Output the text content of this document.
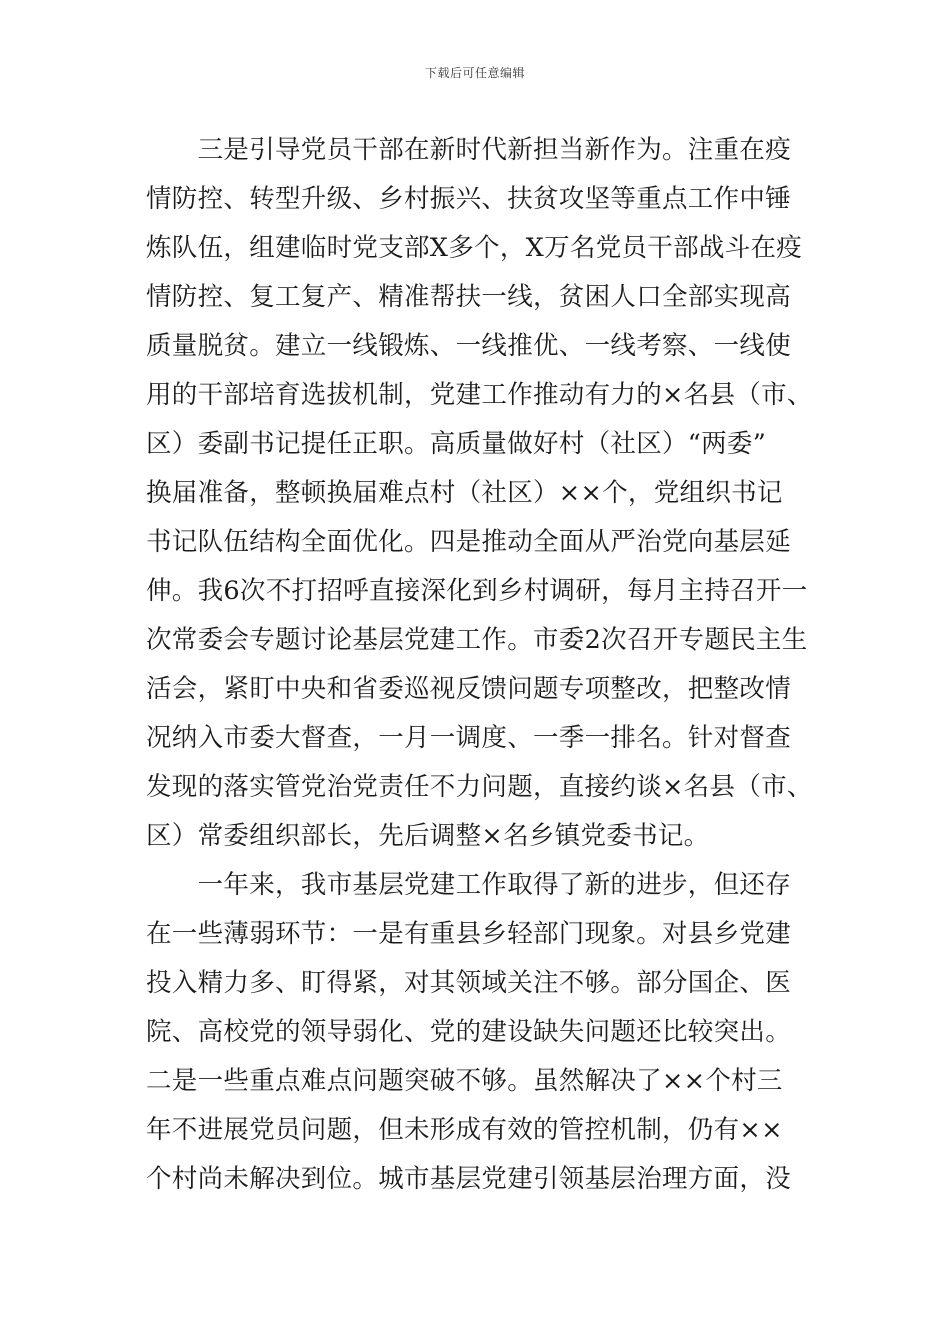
下载后可任意编辑
　　三是引导党员干部在新时代新担当新作为。注重在疫
情防控、转型升级、乡村振兴、扶贫攻坚等重点工作中锤
炼队伍，组建临时党支部X多个，X万名党员干部战斗在疫
情防控、复工复产、精准帮扶一线，贫困人口全部实现高
质量脱贫。建立一线锻炼、一线推优、一线考察、一线使
用的干部培育选拔机制，党建工作推动有力的×名县（市、
区）委副书记提任正职。高质量做好村（社区）“两委”
换届准备，整顿换届难点村（社区）××个，党组织书记
书记队伍结构全面优化。四是推动全面从严治党向基层延
伸。我6次不打招呼直接深化到乡村调研，每月主持召开一
次常委会专题讨论基层党建工作。市委2次召开专题民主生
活会，紧盯中央和省委巡视反馈问题专项整改，把整改情
况纳入市委大督查，一月一调度、一季一排名。针对督查
发现的落实管党治党责任不力问题，直接约谈×名县（市、
区）常委组织部长，先后调整×名乡镇党委书记。
　　一年来，我市基层党建工作取得了新的进步，但还存
在一些薄弱环节：一是有重县乡轻部门现象。对县乡党建
投入精力多、盯得紧，对其领域关注不够。部分国企、医
院、高校党的领导弱化、党的建设缺失问题还比较突出。
二是一些重点难点问题突破不够。虽然解决了××个村三
年不进展党员问题，但未形成有效的管控机制，仍有××
个村尚未解决到位。城市基层党建引领基层治理方面，没
